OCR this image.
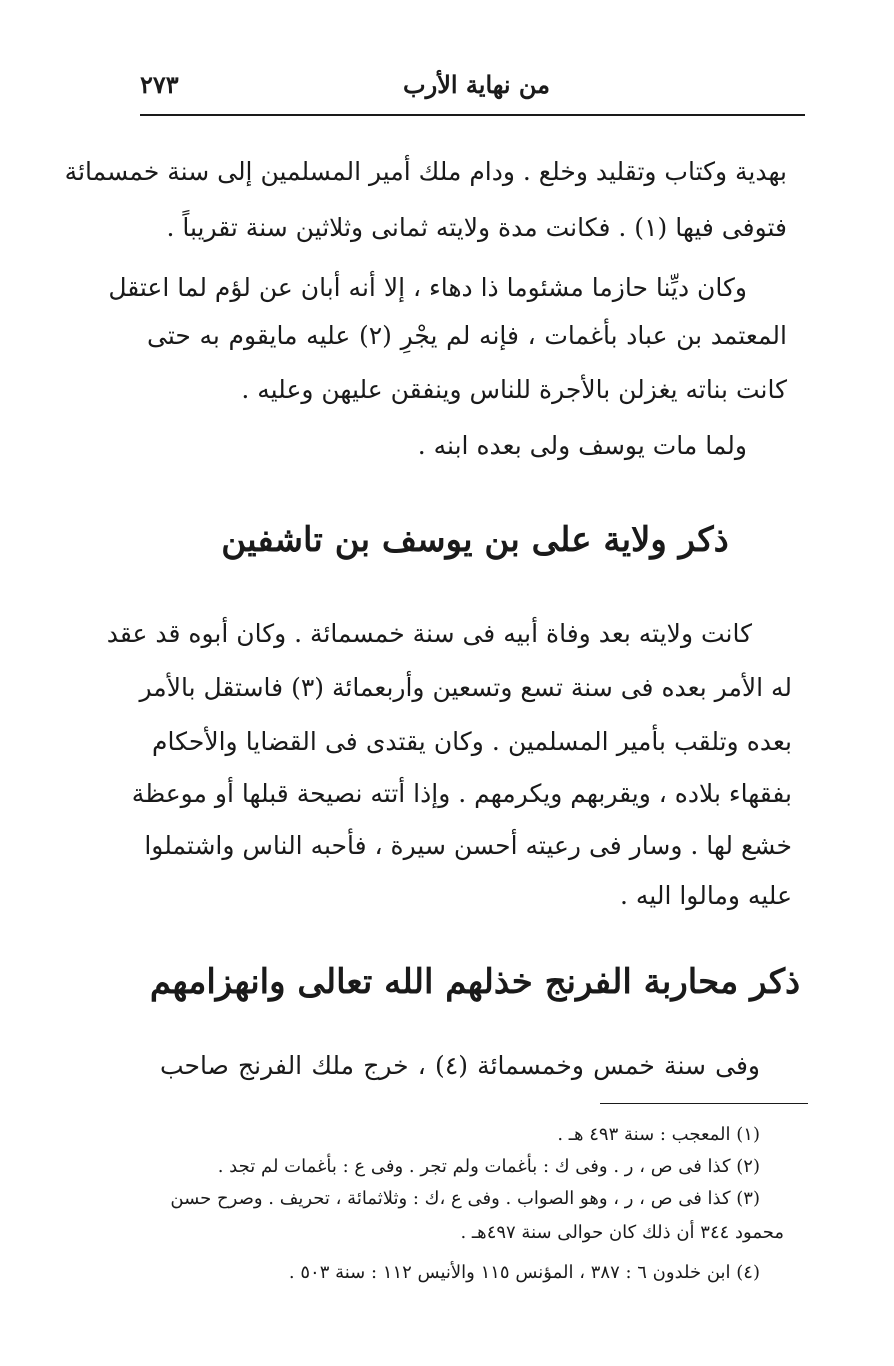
من نهاية الأرب
٢٧٣
بهدية وكتاب وتقليد وخلع . ودام ملك أمير المسلمين إلى سنة خمسمائة
فتوفى فيها (١) . فكانت مدة ولايته ثمانى وثلاثين سنة تقريباً .
وكان ديِّنا حازما مشئوما ذا دهاء ، إلا أنه أبان عن لؤم لما اعتقل
المعتمد بن عباد بأغمات ، فإنه لم يجْرِ (٢) عليه مايقوم به حتى
كانت بناته يغزلن بالأجرة للناس وينفقن عليهن وعليه .
ولما مات يوسف ولى بعده ابنه .
ذكر ولاية على بن يوسف بن تاشفين
كانت ولايته بعد وفاة أبيه فى سنة خمسمائة . وكان أبوه قد عقد
له الأمر بعده فى سنة تسع وتسعين وأربعمائة (٣) فاستقل بالأمر
بعده وتلقب بأمير المسلمين . وكان يقتدى فى القضايا والأحكام
بفقهاء بلاده ، ويقربهم ويكرمهم . وإذا أتته نصيحة قبلها أو موعظة
خشع لها . وسار فى رعيته أحسن سيرة ، فأحبه الناس واشتملوا
عليه ومالوا اليه .
ذكر محاربة الفرنج خذلهم الله تعالى وانهزامهم
وفى سنة خمس وخمسمائة (٤) ، خرج ملك الفرنج صاحب
(١) المعجب : سنة ٤٩٣ هـ .
(٢) كذا فى ص ، ر . وفى ك : بأغمات ولم تجر . وفى ع : بأغمات لم تجد .
(٣) كذا فى ص ، ر ، وهو الصواب . وفى ع ،ك : وثلاثمائة ، تحريف . وصرح حسن
محمود ٣٤٤ أن ذلك كان حوالى سنة ٤٩٧هـ .
(٤) ابن خلدون ٦ : ٣٨٧ ، المؤنس ١١٥ والأنيس ١١٢ : سنة ٥٠٣ .
